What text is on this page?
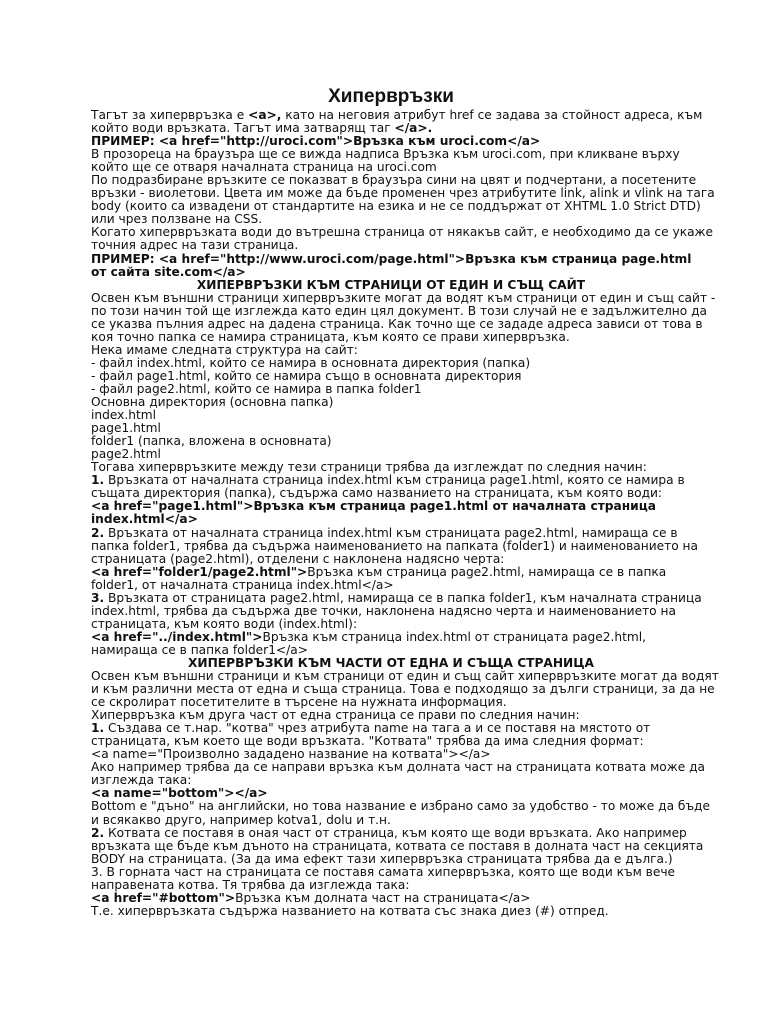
Хипервръзки
Тагът за хипервръзка е <a>, като на неговия атрибут href се задава за стойност адреса, към
който води връзката. Тагът има затварящ таг </a>.
ПРИМЕР: <a href="http://uroci.com">Връзка към uroci.com</a>
В прозореца на браузъра ще се вижда надписа Връзка към uroci.com, при кликване върху
който ще се отваря началната страница на uroci.com
По подразбиране връзките се показват в браузъра сини на цвят и подчертани, а посетените
връзки - виолетови. Цвета им може да бъде променен чрез атрибутите link, alink и vlink на тага
body (които са извадени от стандартите на езика и не се поддържат от XHTML 1.0 Strict DTD)
или чрез ползване на CSS.
Когато хипервръзката води до вътрешна страница от някакъв сайт, е необходимо да се укаже
точния адрес на тази страница.
ПРИМЕР: <a href="http://www.uroci.com/page.html">Връзка към страница page.html
от сайта site.com</a>
ХИПЕРВРЪЗКИ КЪМ СТРАНИЦИ ОТ ЕДИН И СЪЩ САЙТ
Освен към външни страници хипервръзките могат да водят към страници от един и същ сайт -
по този начин той ще изглежда като един цял документ. В този случай не е задължително да
се указва пълния адрес на дадена страница. Как точно ще се зададе адреса зависи от това в
коя точно папка се намира страницата, към която се прави хипервръзка.
Нека имаме следната структура на сайт:
- файл index.html, който се намира в основната директория (папка)
- файл page1.html, който се намира също в основната директория
- файл page2.html, който се намира в папка folder1
Основна директория (основна папка)
index.html
page1.html
folder1 (папка, вложена в основната)
page2.html
Тогава хипервръзките между тези страници трябва да изглеждат по следния начин:
1. Връзката от началната страница index.html към страница page1.html, която се намира в
същата директория (папка), съдържа само названието на страницата, към която води:
<a href="page1.html">Връзка към страница page1.html от началната страница
index.html</a>
2. Връзката от началната страница index.html към страницата page2.html, намираща се в
папка folder1, трябва да съдържа наименованието на папката (folder1) и наименованието на
страницата (page2.html), отделени с наклонена надясно черта:
<a href="folder1/page2.html">Връзка към страница page2.html, намираща се в папка
folder1, от началната страница index.html</a>
3. Връзката от страницата page2.html, намираща се в папка folder1, към началната страница
index.html, трябва да съдържа две точки, наклонена надясно черта и наименованието на
страницата, към която води (index.html):
<a href="../index.html">Връзка към страница index.html от страницата page2.html,
намираща се в папка folder1</a>
ХИПЕРВРЪЗКИ КЪМ ЧАСТИ ОТ ЕДНА И СЪЩА СТРАНИЦА
Освен към външни страници и към страници от един и същ сайт хипервръзките могат да водят
и към различни места от една и съща страница. Това е подходящо за дълги страници, за да не
се скролират посетителите в търсене на нужната информация.
Хипервръзка към друга част от една страница се прави по следния начин:
1. Създава се т.нар. "котва" чрез атрибута name на тага а и се поставя на мястото от
страницата, към което ще води връзката. "Котвата" трябва да има следния формат:
<a name="Произволно зададено название на котвата"></a>
Ако например трябва да се направи връзка към долната част на страницата котвата може да
изглежда така:
<a name="bottom"></a>
Bottom е "дъно" на английски, но това название е избрано само за удобство - то може да бъде
и всякакво друго, например kotva1, dolu и т.н.
2. Котвата се поставя в оная част от страница, към която ще води връзката. Ако например
връзката ще бъде към дъното на страницата, котвата се поставя в долната част на секцията
BODY на страницата. (За да има ефект тази хипервръзка страницата трябва да е дълга.)
3. В горната част на страницата се поставя самата хипервръзка, която ще води към вече
направената котва. Тя трябва да изглежда така:
<a href="#bottom">Връзка към долната част на страницата</a>
Т.е. хипервръзката съдържа названието на котвата със знака диез (#) отпред.
